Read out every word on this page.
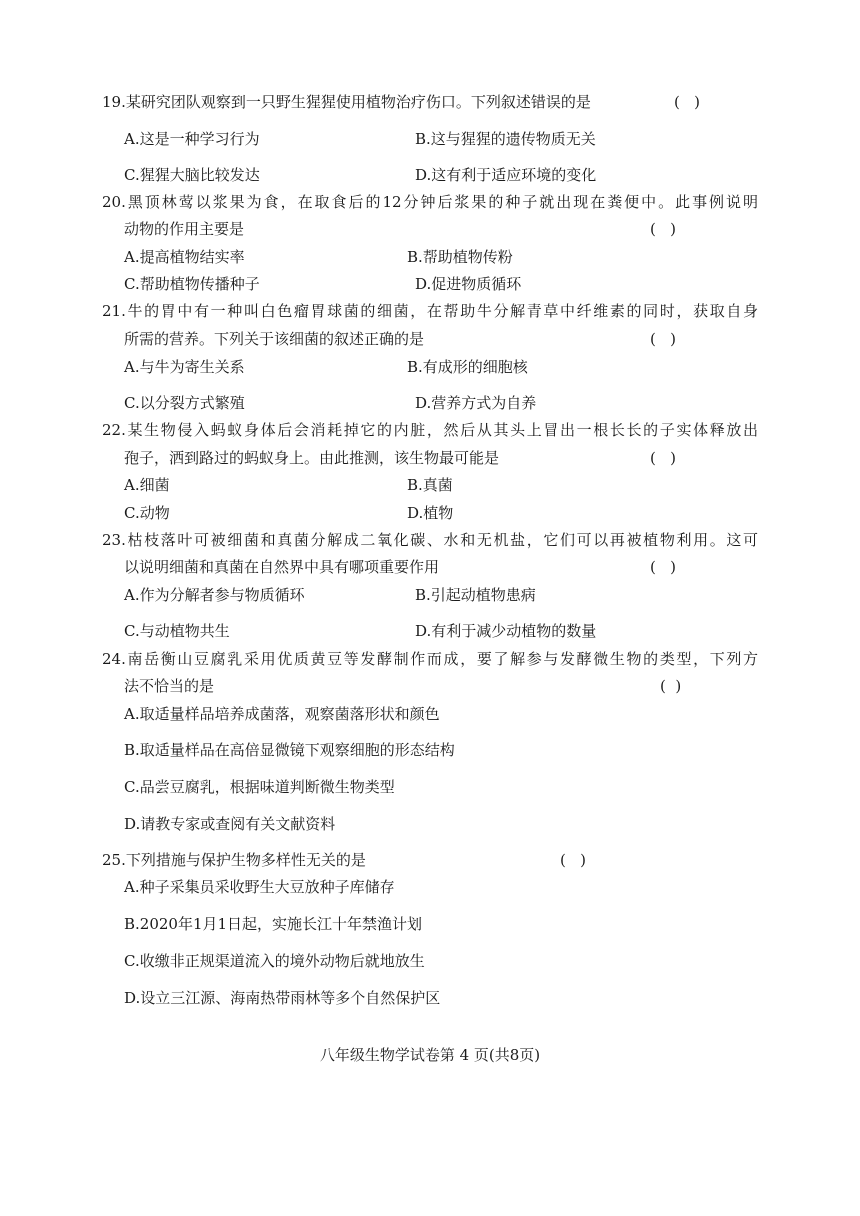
19.某研究团队观察到一只野生猩猩使用植物治疗伤口。下列叙述错误的是	(   )
A.这是一种学习行为	B.这与猩猩的遗传物质无关
C.猩猩大脑比较发达	D.这有利于适应环境的变化
20.黑顶林莺以浆果为食，在取食后的12分钟后浆果的种子就出现在粪便中。此事例说明
动物的作用主要是	(   )
A.提高植物结实率	B.帮助植物传粉
C.帮助植物传播种子	D.促进物质循环
21.牛的胃中有一种叫白色瘤胃球菌的细菌，在帮助牛分解青草中纤维素的同时，获取自身
所需的营养。下列关于该细菌的叙述正确的是	(   )
A.与牛为寄生关系	B.有成形的细胞核
C.以分裂方式繁殖	D.营养方式为自养
22.某生物侵入蚂蚁身体后会消耗掉它的内脏，然后从其头上冒出一根长长的子实体释放出
孢子，洒到路过的蚂蚁身上。由此推测，该生物最可能是	(   )
A.细菌	B.真菌
C.动物	D.植物
23.枯枝落叶可被细菌和真菌分解成二氧化碳、水和无机盐，它们可以再被植物利用。这可
以说明细菌和真菌在自然界中具有哪项重要作用	(   )
A.作为分解者参与物质循环	B.引起动植物患病
C.与动植物共生	D.有利于减少动植物的数量
24.南岳衡山豆腐乳采用优质黄豆等发酵制作而成，要了解参与发酵微生物的类型，下列方
法不恰当的是	(  )
A.取适量样品培养成菌落，观察菌落形状和颜色
B.取适量样品在高倍显微镜下观察细胞的形态结构
C.品尝豆腐乳，根据味道判断微生物类型
D.请教专家或查阅有关文献资料
25.下列措施与保护生物多样性无关的是	(   )
A.种子采集员采收野生大豆放种子库储存
B.2020年1月1日起，实施长江十年禁渔计划
C.收缴非正规渠道流入的境外动物后就地放生
D.设立三江源、海南热带雨林等多个自然保护区
八年级生物学试卷第 4 页(共8页)
